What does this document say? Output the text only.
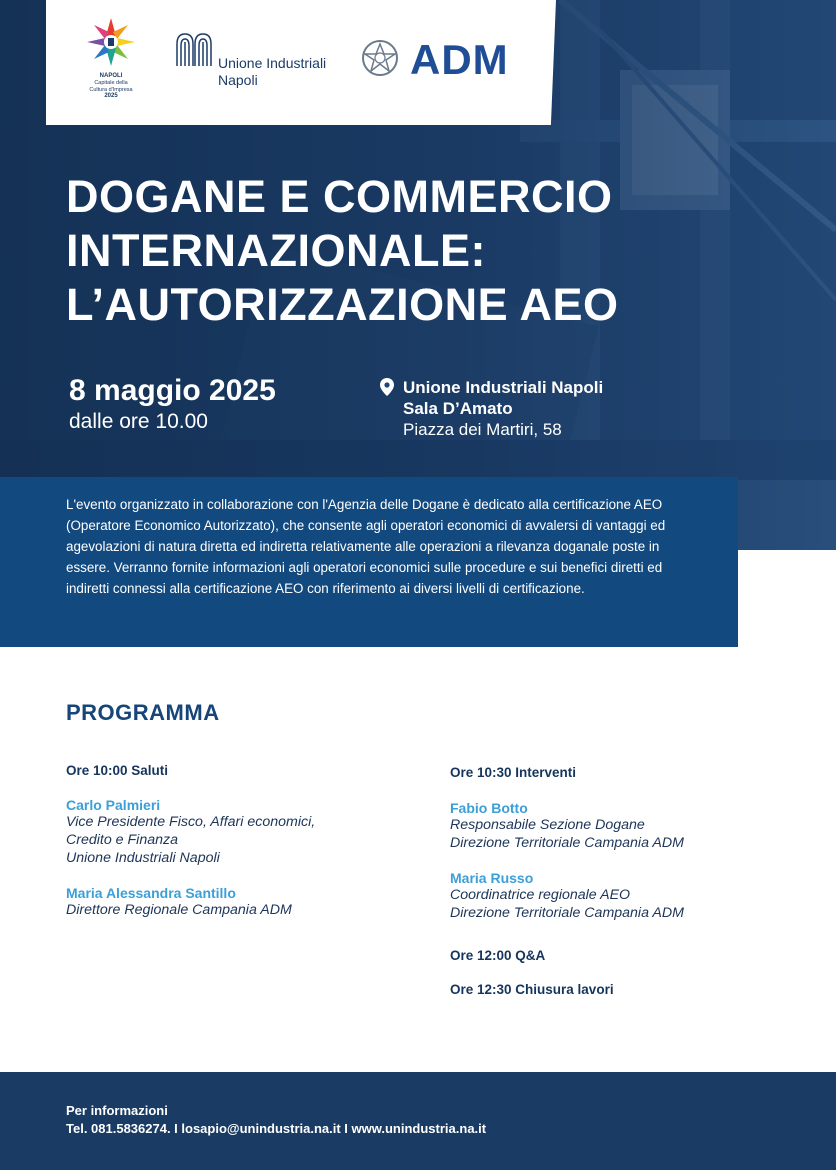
NAPOLI
Capitale della
Cultura d'Impresa
2025
Unione Industriali
Napoli	ADM
DOGANE E COMMERCIO
INTERNAZIONALE:
L’AUTORIZZAZIONE AEO
8 maggio 2025
dalle ore 10.00
Unione Industriali Napoli
Sala D’Amato
Piazza dei Martiri, 58
L'evento organizzato in collaborazione con l'Agenzia delle Dogane è dedicato alla certificazione AEO (Operatore Economico Autorizzato), che consente agli operatori economici di avvalersi di vantaggi ed agevolazioni di natura diretta ed indiretta relativamente alle operazioni a rilevanza doganale poste in essere. Verranno fornite informazioni agli operatori economici sulle procedure e sui benefici diretti ed indiretti connessi alla certificazione AEO con riferimento ai diversi livelli di certificazione.
PROGRAMMA
Ore 10:00 Saluti
Carlo Palmieri
Vice Presidente Fisco, Affari economici,
Credito e Finanza
Unione Industriali Napoli
Maria Alessandra Santillo
Direttore Regionale Campania ADM
Ore 10:30 Interventi
Fabio Botto
Responsabile Sezione Dogane
Direzione Territoriale Campania ADM
Maria Russo
Coordinatrice regionale AEO
Direzione Territoriale Campania ADM
Ore 12:00 Q&A
Ore 12:30 Chiusura lavori
Per informazioni
Tel. 081.5836274. I losapio@unindustria.na.it I www.unindustria.na.it
